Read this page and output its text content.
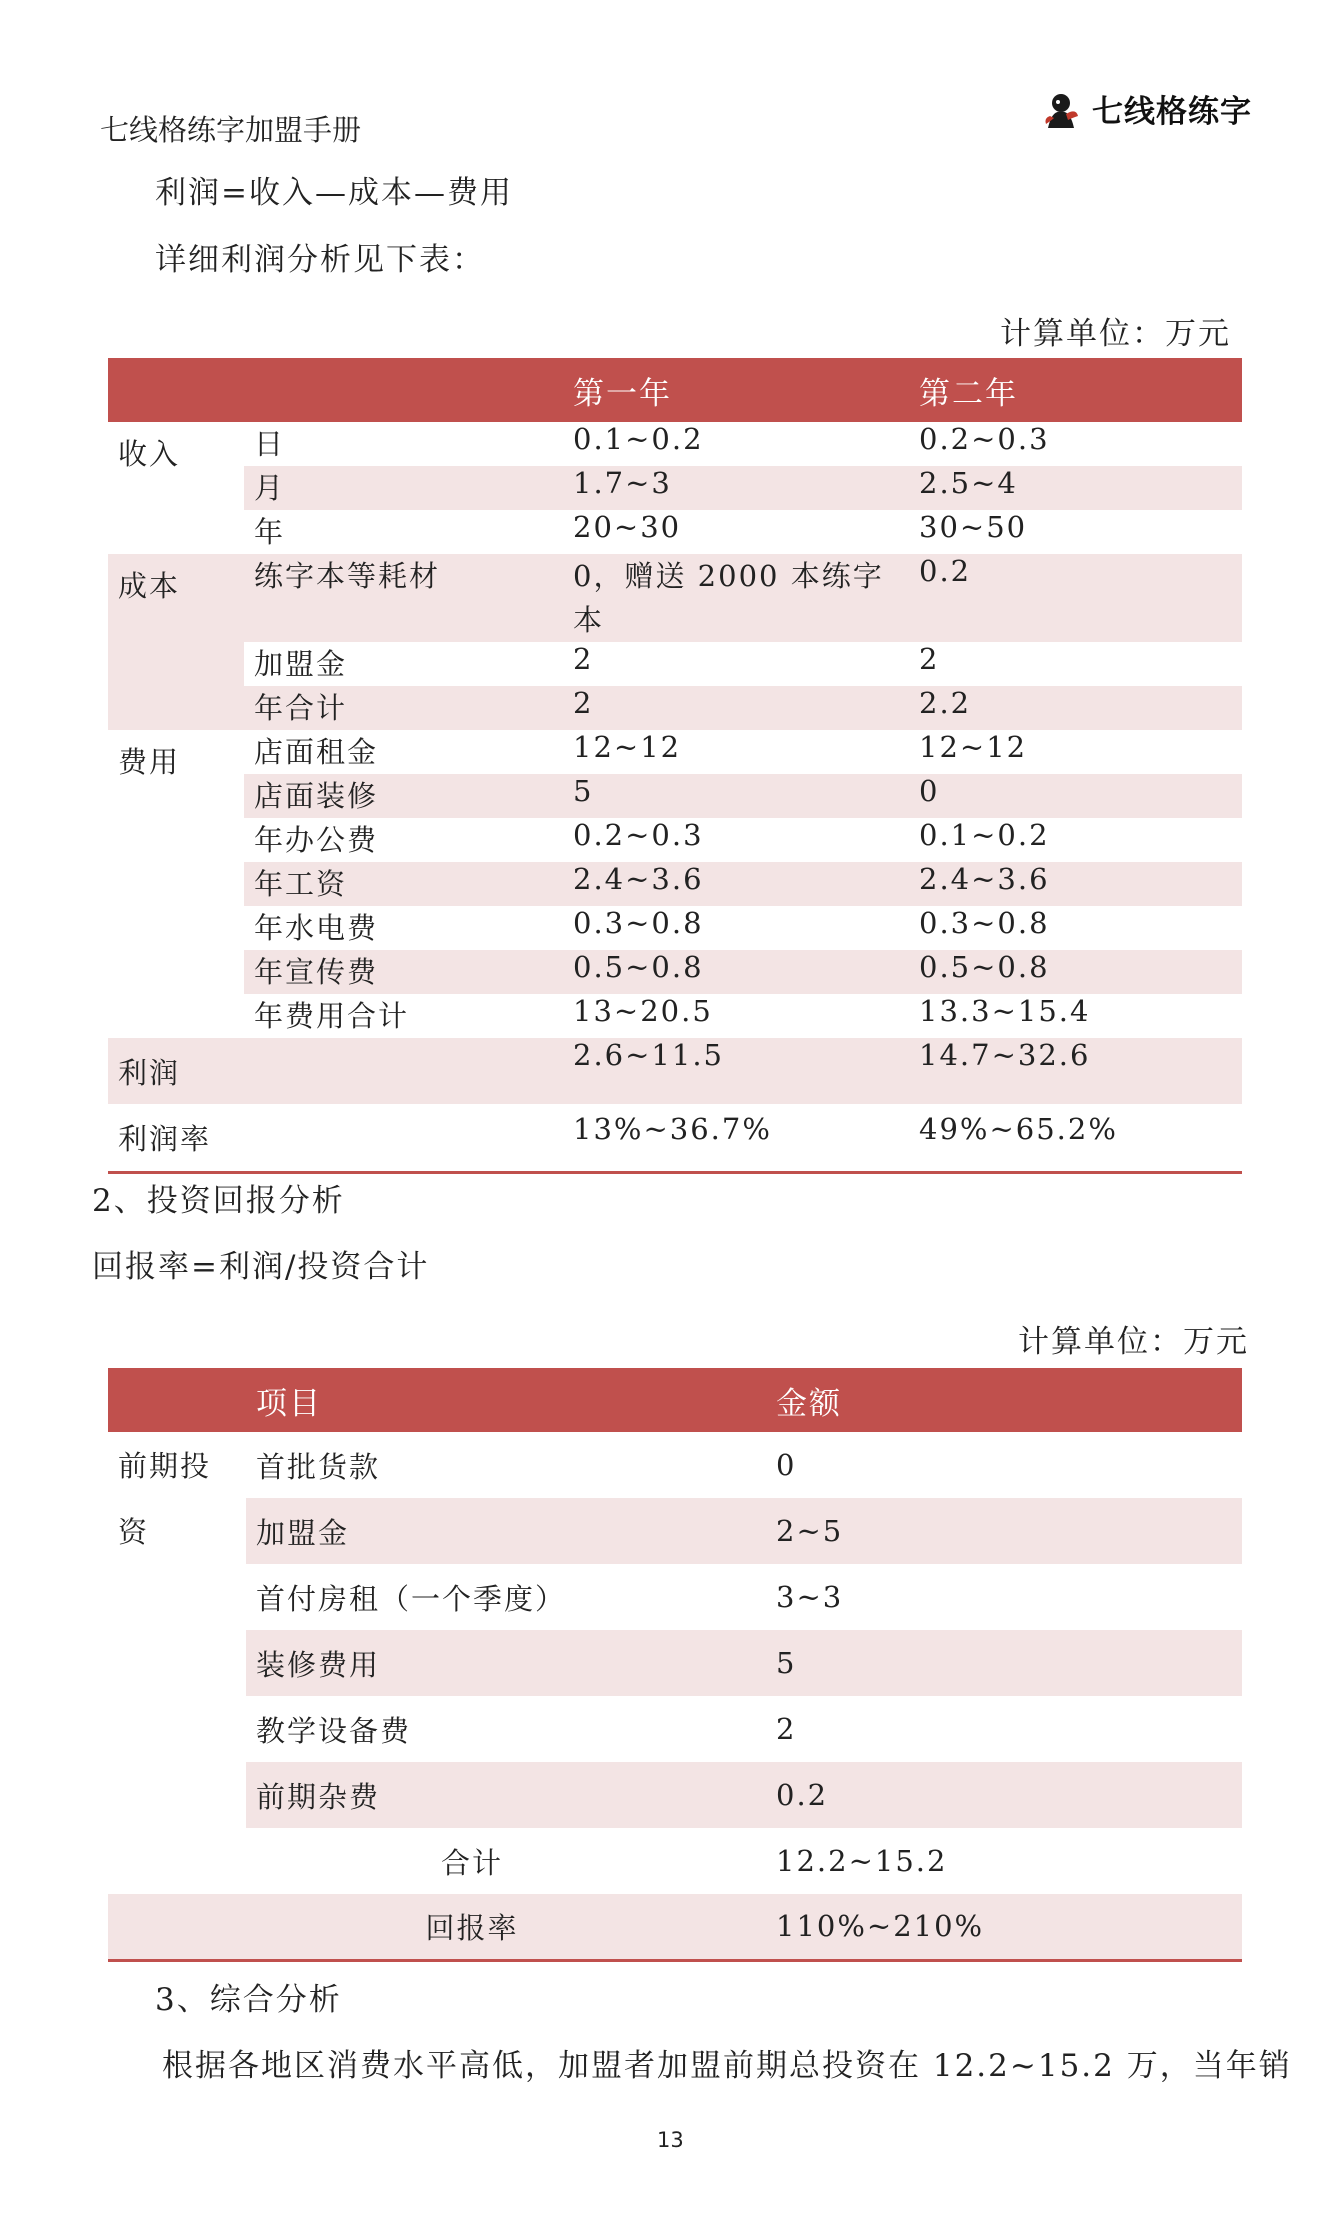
七线格练字加盟手册	七线格练字
利润=收入—成本—费用
详细利润分析见下表：
计算单位：万元
		第一年	第二年
收入	日	0.1~0.2	0.2~0.3
	月	1.7~3	2.5~4
	年	20~30	30~50
成本	练字本等耗材	0，赠送 2000 本练字本	0.2
	加盟金	2	2
	年合计	2	2.2
费用	店面租金	12~12	12~12
	店面装修	5	0
	年办公费	0.2~0.3	0.1~0.2
	年工资	2.4~3.6	2.4~3.6
	年水电费	0.3~0.8	0.3~0.8
	年宣传费	0.5~0.8	0.5~0.8
	年费用合计	13~20.5	13.3~15.4
利润		2.6~11.5	14.7~32.6
利润率		13%~36.7%	49%~65.2%
2、投资回报分析
回报率=利润/投资合计
计算单位：万元
	项目	金额

前期投
资	首批货款	0
	加盟金	2~5
	首付房租（一个季度）	3~3
	装修费用	5
	教学设备费	2
	前期杂费	0.2
合计		12.2~15.2
回报率		110%~210%
3、综合分析
根据各地区消费水平高低，加盟者加盟前期总投资在 12.2~15.2 万，当年销
13
